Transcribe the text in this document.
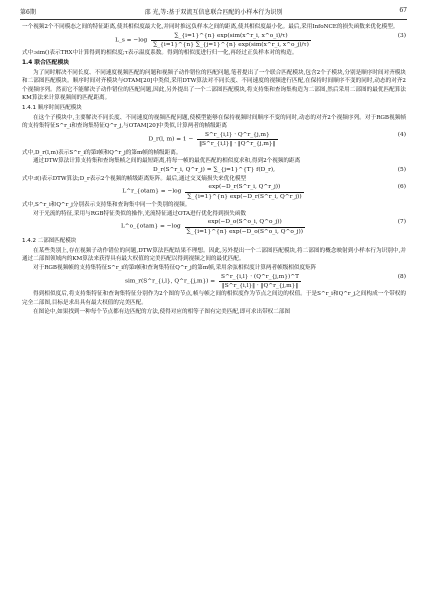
第6期	邵 光,等:基于双流互信息联合匹配的小样本行为识别	67

一个视频2个不同模态之间的特征距离,使其相似度最大化,并同时推远负样本之间的距离,使其相似度最小化。最后,采用InfoNCE的损失函数来优化模型。

L_s = $-\log \frac{\text{∑\_\{i=1\}\textasciicircum{}\{n\} exp(sim(x\textasciicircum{}r\_i, x\textasciicircum{}o\_i)/τ)}}{\text{∑\_\{i=1\}\textasciicircum{}\{n\} ∑\_\{j=1\}\textasciicircum{}\{n\} exp(sim(x\textasciicircum{}r\_i, x\textasciicircum{}o\_j)/τ)}}$	(3)

式中:sim()表示TRX中计算得到的相似度;τ表示温度系数。得到的相似度进行归一化,再经过正负样本对的构造。

1.4 联合匹配模块

为了同时解决不同长度、不同速度视频匹配的问题和视频子动作错位的匹配问题,笔者提出了一个联合匹配模块,包含2个子模块,分别是顺序时间对齐模块和二部图匹配模块。顺序时间对齐模块与OTAM[20]中类似,采用DTW算法对不同长度、不同速度的视频进行匹配,在保持时间顺序不变的同时,动态的对齐2个视频序列。然而它不能解决子动作错位的匹配问题,因此,另外提出了一个二部图匹配模块,将支持集和查询集构造为二部图,然后采用二部图的最优匹配算法KM算法来计算视频间的匹配距离。

1.4.1 顺序时间匹配模块

在这个子模块中,主要解决不同长度、不同速度的视频匹配问题,使模型能够在保持视频时间顺序不变的同时,动态的对齐2个视频序列。对于RGB视频帧的支持集特征S^r_i和查询集特征Q^r_j,与OTAM[20]中类似,计算两者的帧级距离

D_r(l, $m) = 1 - \frac{S\^{}r\_\{i,l\} \cdot Q\^{}r\_\{j,m\}}{‖S\^{}r\_\{i,l\}‖ \cdot ‖Q\^{}r\_\{j,m\}‖}$	(4)

式中,D_r(l,m)表示S^r_i的第l帧和Q^r_j的第m帧的帧级距离。

通过DTW算法计算支持集和查询集帧之间的最短距离,将每一帧的最优匹配的相似度求和,得到2个视频的距离

D_r(S^r_i, Q^r_j) = ∑_{j=1}^{T} f(D_r),	(5)

式中:f()表示DTW算法;D_r表示2个视频的帧级距离矩阵。最后,通过交叉熵损失来优化模型

L^r_{otam} = $-\log \frac{\exp(-D\_r(S\^{}r\_i, Q\^{}r\_j))}{\sum\_\{i=1\}\^{}\{n\} \exp(-D\_r(S\^{}r\_i, Q\^{}r\_j))}$	(6)

式中,S^r_i和Q^r_j分别表示支持集和查询集中同一个类别的视频。

对于光流的特征,采用与RGB特征类似的操作,光流特征通过OTA进行优化得到损失函数

L^o_{otam} = $-\log \frac{\exp(-D\_o(S\^{}o\_i, Q\^{}o\_j))}{\sum\_\{i=1\}\^{}\{n\} \exp(-D\_o(S\^{}o\_i, Q\^{}o\_j))}$	(7)
1.4.2 二部图匹配模块

在某些类别上,存在视频子动作错位的问题,DTW算法匹配结果不理想。因此,另外提出一个二部图匹配模块,将二部图的概念映射到小样本行为识别中,并通过二部图领域内的KM算法来获得具有最大权值的完美匹配以得到视频之间的最优匹配。

对于RGB视频帧的支持集特征S^r_i的第l帧和查询集特征Q^r_j的第m帧,采用余弦相似度计算两者帧级相似度矩阵

sim_r(S^r_{i,l}, Q^r_{j,m}) = $\frac{S\^{}r\_\{i,l\} \cdot (Q\^{}r\_\{j,m\})\^{}T}{‖S\^{}r\_\{i,l\}‖ \cdot ‖Q\^{}r\_\{j,m\}‖}$	(8)

得到相似度后,将支持集特征和查询集特征分别作为2个图的节点,帧与帧之间的相似度作为节点之间边的权值。于是S^r_i和Q^r_j之间构成一个带权的完全二部图,目标是求出具有最大权值的完美匹配。

在图论中,如果找到一种每个节点都有边匹配的方法,使得对应的相等子图有完美匹配,即可求出带权二部图
